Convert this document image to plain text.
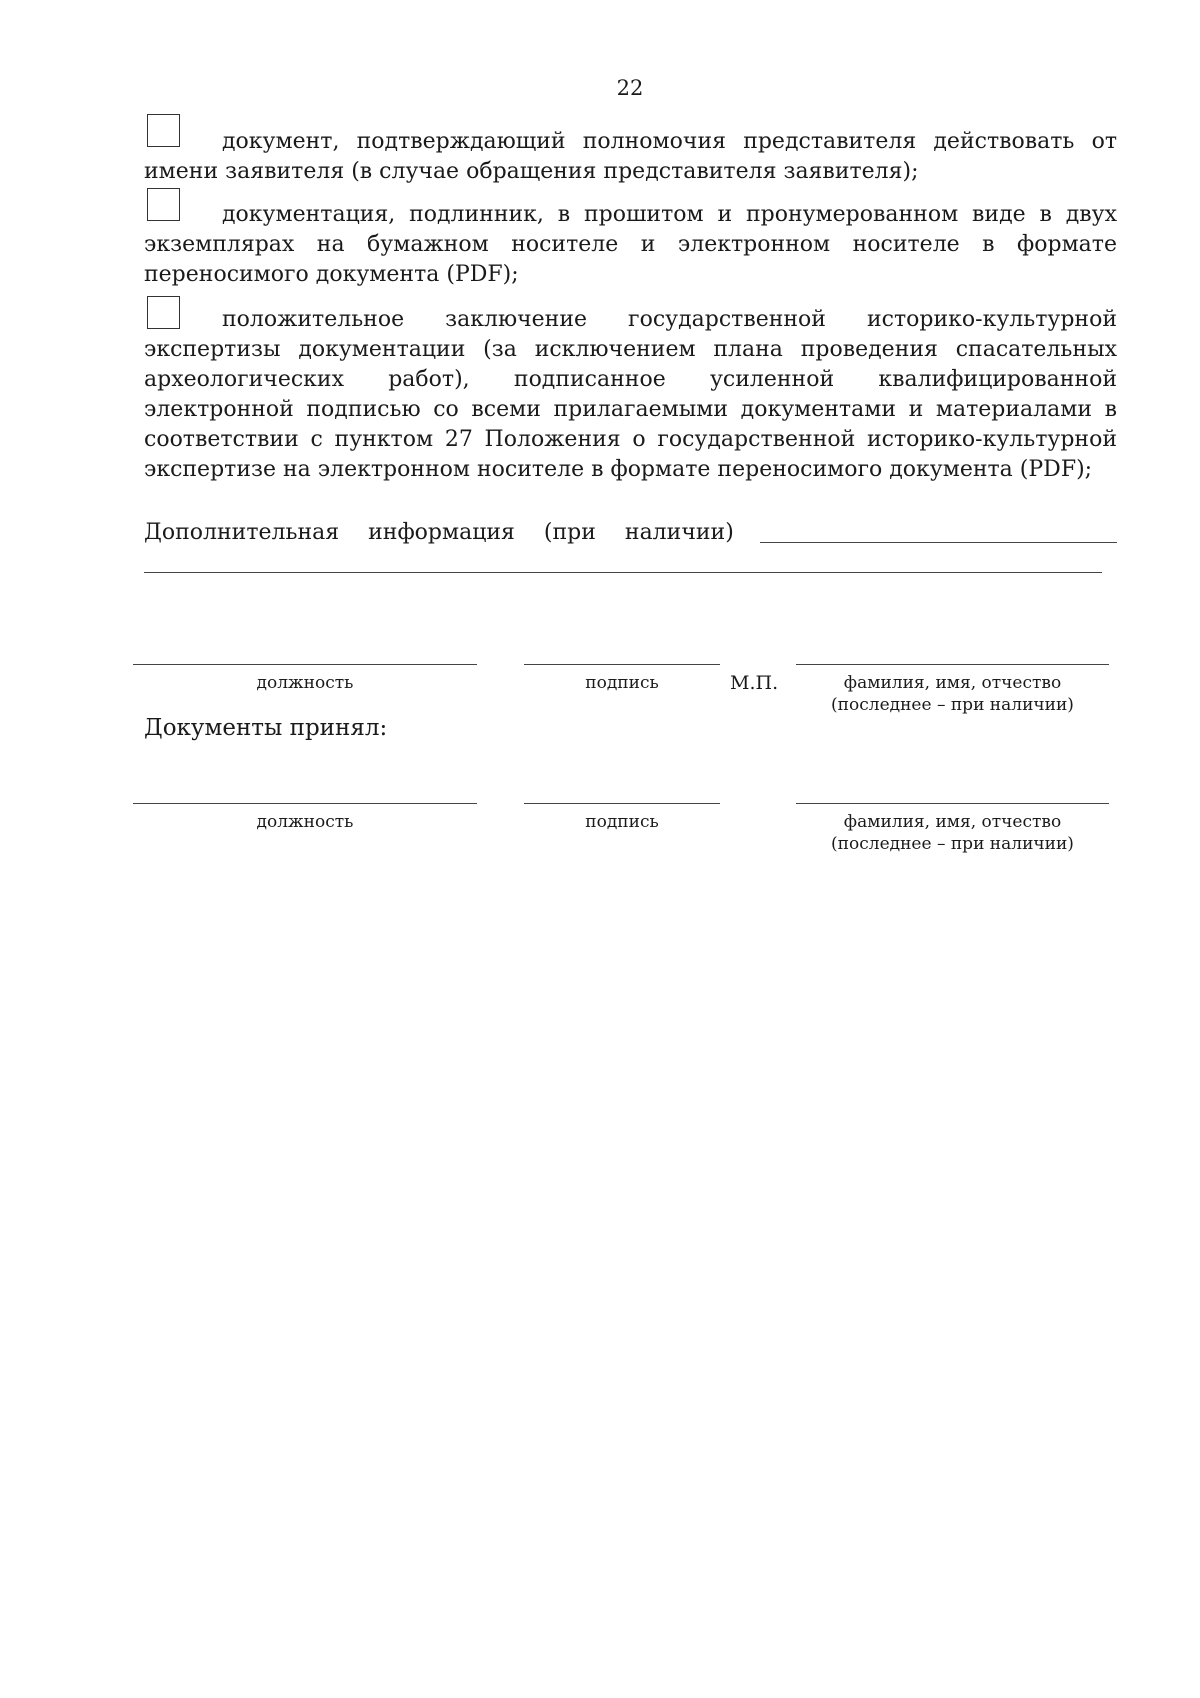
22

документ, подтверждающий полномочия представителя действовать от имени заявителя (в случае обращения представителя заявителя);

документация, подлинник, в прошитом и пронумерованном виде в двух экземплярах на бумажном носителе и электронном носителе в формате переносимого документа (PDF);

положительное заключение государственной историко-культурной экспертизы документации (за исключением плана проведения спасательных археологических работ), подписанное усиленной квалифицированной электронной подписью со всеми прилагаемыми документами и материалами в соответствии с пунктом 27 Положения о государственной историко-культурной экспертизе на электронном носителе в формате переносимого документа (PDF);

Дополнительная информация (при наличии)
должность	подпись	М.П.	фамилия, имя, отчество
(последнее – при наличии)
Документы принял:
должность	подпись	фамилия, имя, отчество
(последнее – при наличии)
